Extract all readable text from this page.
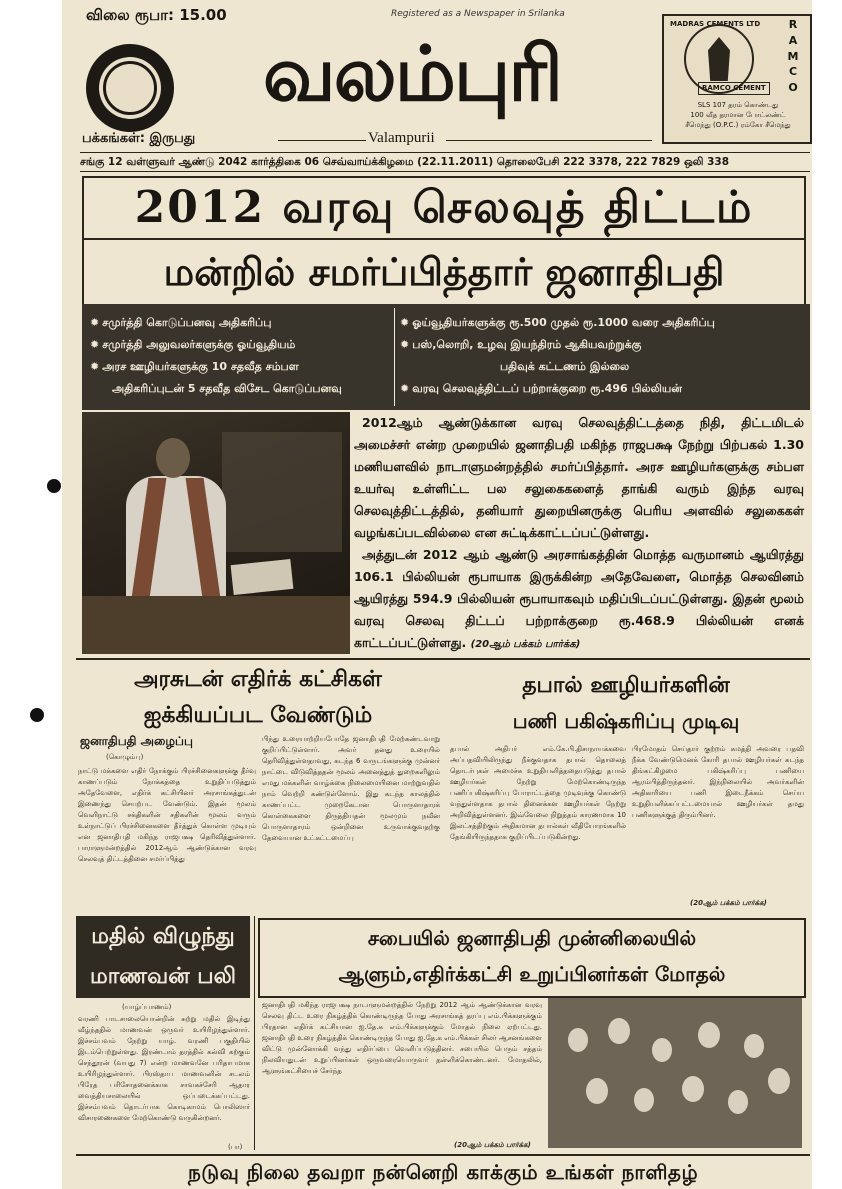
விலை ரூபா: 15.00	Registered as a Newspaper in Srilanka
வலம்புரி
பக்கங்கள்: இருபது	Valampurii
MADRAS CEMENTS LTD	R
A
M
C
O
RAMCO CEMENT
SLS 107 தரம் கொண்டது
100 வீத தரமான போட்லண்ட்
சீமெந்து (O.P.C.) ரம்கோ சீமெந்து
சங்கு 12 வள்ளுவர் ஆண்டு 2042 கார்த்திகை 06 செவ்வாய்க்கிழமை (22.11.2011) தொலைபேசி 222 3378, 222 7829 ஒலி 338
2012 வரவு செலவுத் திட்டம்
மன்றில் சமர்ப்பித்தார் ஜனாதிபதி
✹ சமுர்த்தி கொடுப்பனவு அதிகரிப்பு
✹ சமுர்த்தி அலுவலர்களுக்கு ஓய்வூதியம்
✹ அரச ஊழியர்களுக்கு 10 சதவீத சம்பள
அதிகரிப்புடன் 5 சதவீத விசேட கொடுப்பனவு
✹ ஓய்வூதியர்களுக்கு ரூ.500 முதல் ரூ.1000 வரை அதிகரிப்பு
✹ பஸ்,லொறி, உழவு இயந்திரம் ஆகியவற்றுக்கு
பதிவுக் கட்டணம் இல்லை
✹ வரவு செலவுத்திட்டப் பற்றாக்குறை ரூ.496 பில்லியன்

2012ஆம் ஆண்டுக்கான வரவு செலவுத்திட்டத்தை நிதி, திட்டமிடல் அமைச்சர் என்ற முறையில் ஜனாதிபதி மகிந்த ராஜபக்ஷ நேற்று பிற்பகல் 1.30 மணியளவில் நாடாளுமன்றத்தில் சமர்ப்பித்தார். அரச ஊழியர்களுக்கு சம்பள உயர்வு உள்ளிட்ட பல சலுகைகளைத் தாங்கி வரும் இந்த வரவு செலவுத்திட்டத்தில், தனியார் துறையினருக்கு பெரிய அளவில் சலுகைகள் வழங்கப்படவில்லை என சுட்டிக்காட்டப்பட்டுள்ளது.

அத்துடன் 2012 ஆம் ஆண்டு அரசாங்கத்தின் மொத்த வருமானம் ஆயிரத்து 106.1 பில்லியன் ரூபாயாக இருக்கின்ற அதேவேளை, மொத்த செலவினம் ஆயிரத்து 594.9 பில்லியன் ரூபாயாகவும் மதிப்பிடப்பட்டுள்ளது. இதன் மூலம் வரவு செலவு திட்டப் பற்றாக்குறை ரூ.468.9 பில்லியன் எனக் காட்டப்பட்டுள்ளது. (20ஆம் பக்கம் பார்க்க)

அரசுடன் எதிர்க் கட்சிகள்
ஐக்கியப்பட வேண்டும்
ஜனாதிபதி அழைப்பு
(கொழும்பு)
நாட்டு மக்களை எதிர் நோக்கும் பிரச்சினைகளுக்கு தீர்வு காணப்படும் நோக்கத்தை உறுதிப்படுத்தும் அதேவேளை, எதிர்க் கட்சியினர் அரசாங்கத்துடன் இணைந்து செயற்பட வேண்டும். இதன் மூலம் வெளிநாட்டு சக்திகளின் சதிகளின் மூலம் வரும் உள்நாட்டுப் பிரச்சினைகளை தீர்த்துக் கொள்ள முடியும் என ஜனாதிபதி மகிந்த ராஜபக்ஷ தெரிவித்துள்ளார். பாராளுமன்றத்தில் 2012ஆம் ஆண்டுக்கான வரவு செலவுத் திட்டத்தினை சமர்ப்பித்து
பிந்து உரையாற்றியபோதே ஜனாதிபதி மேற்கண்டவாறு குறிப்பிட்டுள்ளார். அவர் தனது உரையில் தெரிவித்துள்ளதாவது, கடந்த 6 வருடங்களுக்கு முன்னர் நாட்டை விடுவித்ததன் மூலம் அனைத்துத் துறைகளிலும் எமது மக்களின் வாழ்க்கை நிலைமையினை மாற்றுவதில் நாம் வெற்றி கண்டுள்ளோம். இது கடந்த காலத்தில் காணப்பட்ட முறைகேடான பொருளாதாரக் கொள்கைகளை திருத்தியதன் மூலமும் நவீன பொருளாதாரம் ஒன்றினை உருவாக்குவதற்கு தேவையான உட்கட்டமைப்பு
தபால் ஊழியர்களின்
பணி பகிஷ்கரிப்பு முடிவு
தபால் அதிபர் எம்.கே.பி.திசாநாயக்கவை அப்பதவியிலிருந்து நீக்குவதாக தபால் தொலைத் தொடர்புகள் அமைச்சு உறுதியளித்ததையடுத்து தபால் ஊழியர்கள் நேற்று மேற்கொண்டிருந்த பணிப்பகிஷ்கரிப்பு போராட்டத்தை முடிவுக்கு கொண்டு வந்துள்ளதாக தபால் தினைக்கள ஊழியர்கள் நேற்று அறிவித்துள்ளனர். இவ்வேலை நிறுத்தம் காரணமாக 10 இலட்சத்திற்கும் அதிகமான தபால்கள் வீதியோரங்களில் தேங்கியிருந்ததாக குறிப்பிடப்படுகின்றது.
பிரமோதம் செய்தார் குற்றம் சுமத்தி அவரை பதவி நீக்க வேண்டுமெனக் கோரி தபால் ஊழியர்கள் கடந்த திங்கட்கிழமை பகிஷ்கரிப்பு பணியை ஆரம்பித்திருந்தனர். இந்நிலையில் அவர்களின் அதிகாரியை பணி இடைநீக்கம் செய்ய உறுதியளிக்கப்பட்டமையால் ஊழியர்கள் தமது பணிகளுக்குத் திரும்பினர்.
(20ஆம் பக்கம் பார்க்க)
மதில் விழுந்து
மாணவன் பலி
(யாழ்ப்பாணம்)
வரணி பாடசாலையொன்றின் சுற்று மதில் இடிந்து வீழ்ந்ததில் மாணவன் ஒருவர் உயிரிழந்துள்ளார். இச்சம்பவம் நேற்று யாழ். வரணி பகுதியில் இடம்பெற்றுள்ளது. இரண்டாம் தரத்தில் கல்வி கற்கும் செந்தூரன் (வயது 7) என்ற மாணவனே பரிதாபமாக உயிரிழந்துள்ளார். பிரஸ்தாப மாணவனின் சடலம் பிரேத பரிசோதனைக்காக சாவகச்சேரி ஆதார வைத்தியசாலையில் ஒப்படைக்கப்பட்டது. இச்சம்பவம் தொடர்பாக கொடிகாமம் பொலிஸார் விசாரணைகளை மேற்கொண்டு வருகின்றனர்.
(பா)
சபையில் ஜனாதிபதி முன்னிலையில்
ஆளும்,எதிர்க்கட்சி உறுப்பினர்கள் மோதல்
ஜனாதிபதி மகிந்த ராஜபக்ஷ நாடாளுமன்றத்தில் நேற்று 2012 ஆம் ஆண்டுக்கான வரவு செலவு திட்ட உரை நிகழ்த்திக் கொண்டிருந்த போது அரசாங்கத் தரப்பு எம்.பிக்களுக்கும் பிரதான எதிர்க் கட்சியான ஐ.தே.க எம்.பிக்களுக்கும் மோதல் நிலை ஏற்பட்டது. ஜனாதிபதி உரை நிகழ்த்திக் கொண்டிருந்த போது ஐ.தே.க எம்.பிக்கள் சிலர் ஆசனங்களை விட்டு முன்னோக்கி வந்து எதிர்ப்பை வெளிப்படுத்தினர். சபையில் பெரும் சத்தம் நிலவியதுடன் உறுப்பினர்கள் ஒருவரையொருவர் தள்ளிக்கொண்டனர். மோதலில், ஆளுங்கட்சியைச் சேர்ந்த
(20ஆம் பக்கம் பார்க்க)
நடுவு நிலை தவறா நன்னெறி காக்கும் உங்கள் நாளிதழ்
